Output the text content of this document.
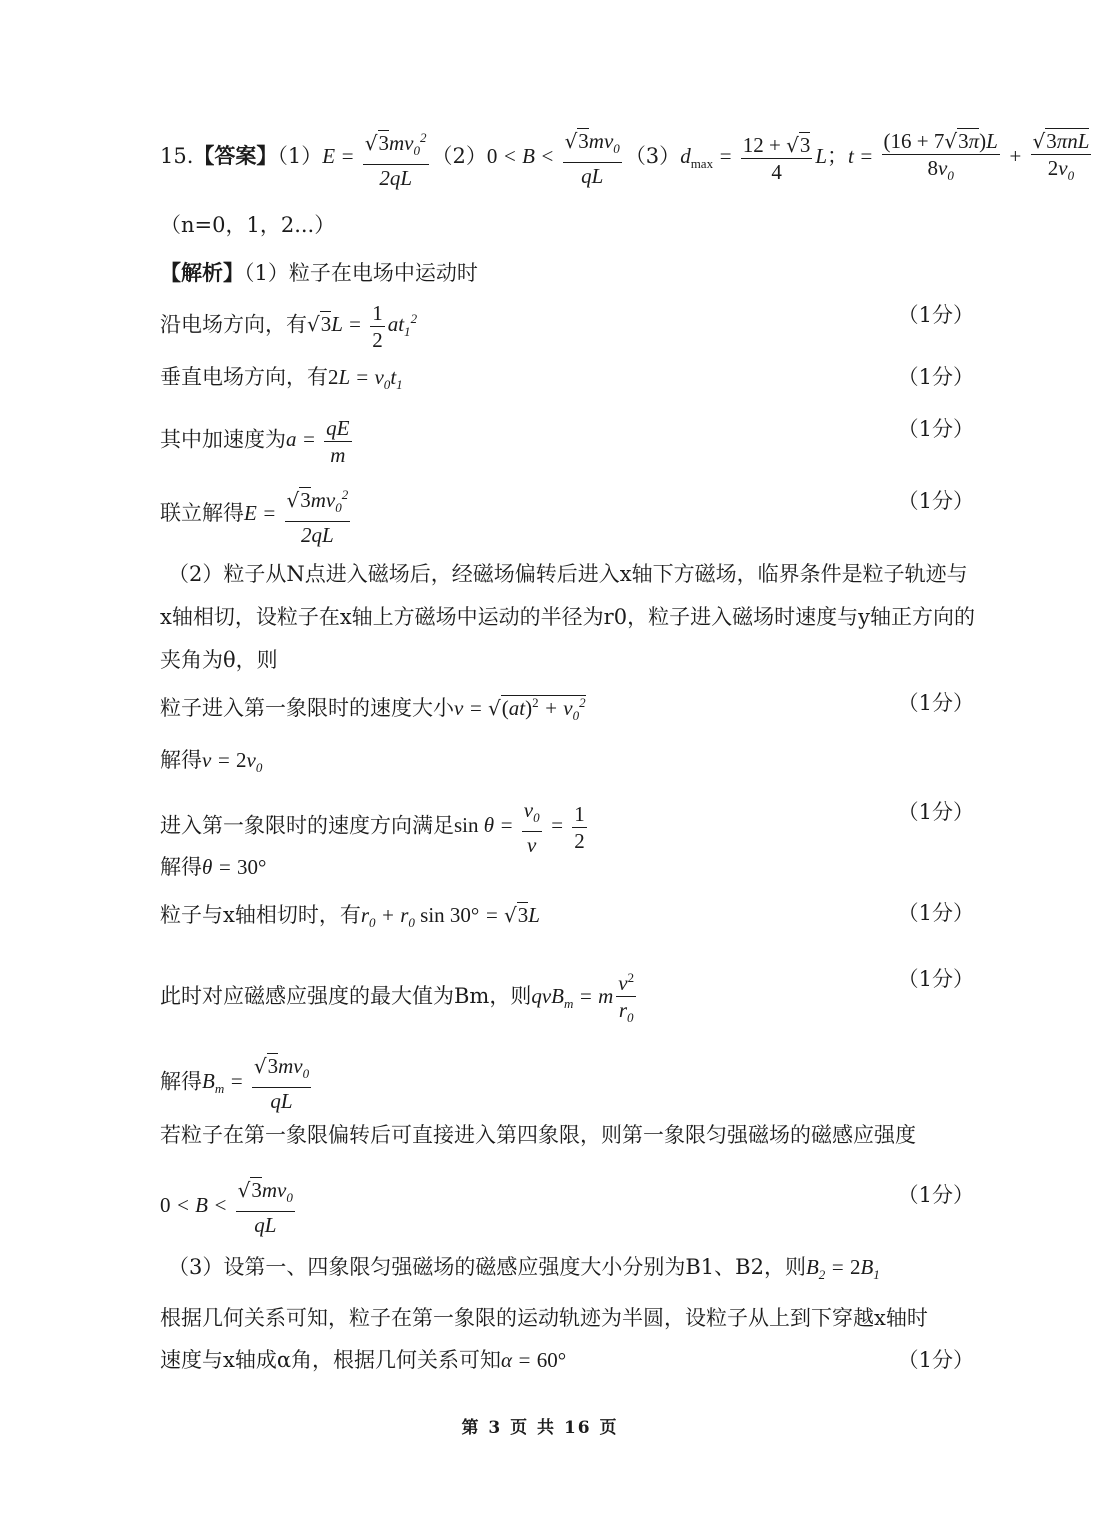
15.【答案】$(1)E = \frac{√3mv_0^2}{2qL} (2)0 < B < \frac{√3mv_0}{qL} (3)d_{max} = \frac{12 + √3}{4}$ L；$t = \frac{(16 + 7√3\pi)L}{8v_0} + \frac{\text{√3πnL}}{2v_0}$
（n=0，1，2...）
【解析】（1）粒子在电场中运动时
沿电场方向，有$√3L = \frac{1}{2} at_1^2$	（1分）
垂直电场方向，有$2L = v_0t_1$	（1分）
其中加速度为$a = \frac{qE}{m}$	（1分）
联立解得$E = \frac{√3mv_0^2}{2qL}$	（1分）
（2）粒子从N点进入磁场后，经磁场偏转后进入x轴下方磁场，临界条件是粒子轨迹与x轴相切，设粒子在x轴上方磁场中运动的半径为r0，粒子进入磁场时速度与y轴正方向的夹角为θ，则
粒子进入第一象限时的速度大小$v = √(at)^2 + v_0^2$	（1分）
解得$v = 2v_0$
进入第一象限时的速度方向满足$\sin \theta = \frac{v_0}{v} = \frac{1}{2}$	（1分）
解得θ = 30°
粒子与x轴相切时，有$r_0 + r_0$ sin 30° = √3L	（1分）
此时对应磁感应强度的最大值为Bm，则qvB$_m$ = m $\frac{v^2}{r_0}$	（1分）
解得$B_m = \frac{√3mv_0}{qL}$
若粒子在第一象限偏转后可直接进入第四象限，则第一象限匀强磁场的磁感应强度
$0 < B < \frac{√3mv_0}{qL}$	（1分）
（3）设第一、四象限匀强磁场的磁感应强度大小分别为B1、B2，则$B_2 = 2B_1$
根据几何关系可知，粒子在第一象限的运动轨迹为半圆，设粒子从上到下穿越x轴时
速度与x轴成α角，根据几何关系可知α = 60°	（1分）
第 3 页 共 16 页
